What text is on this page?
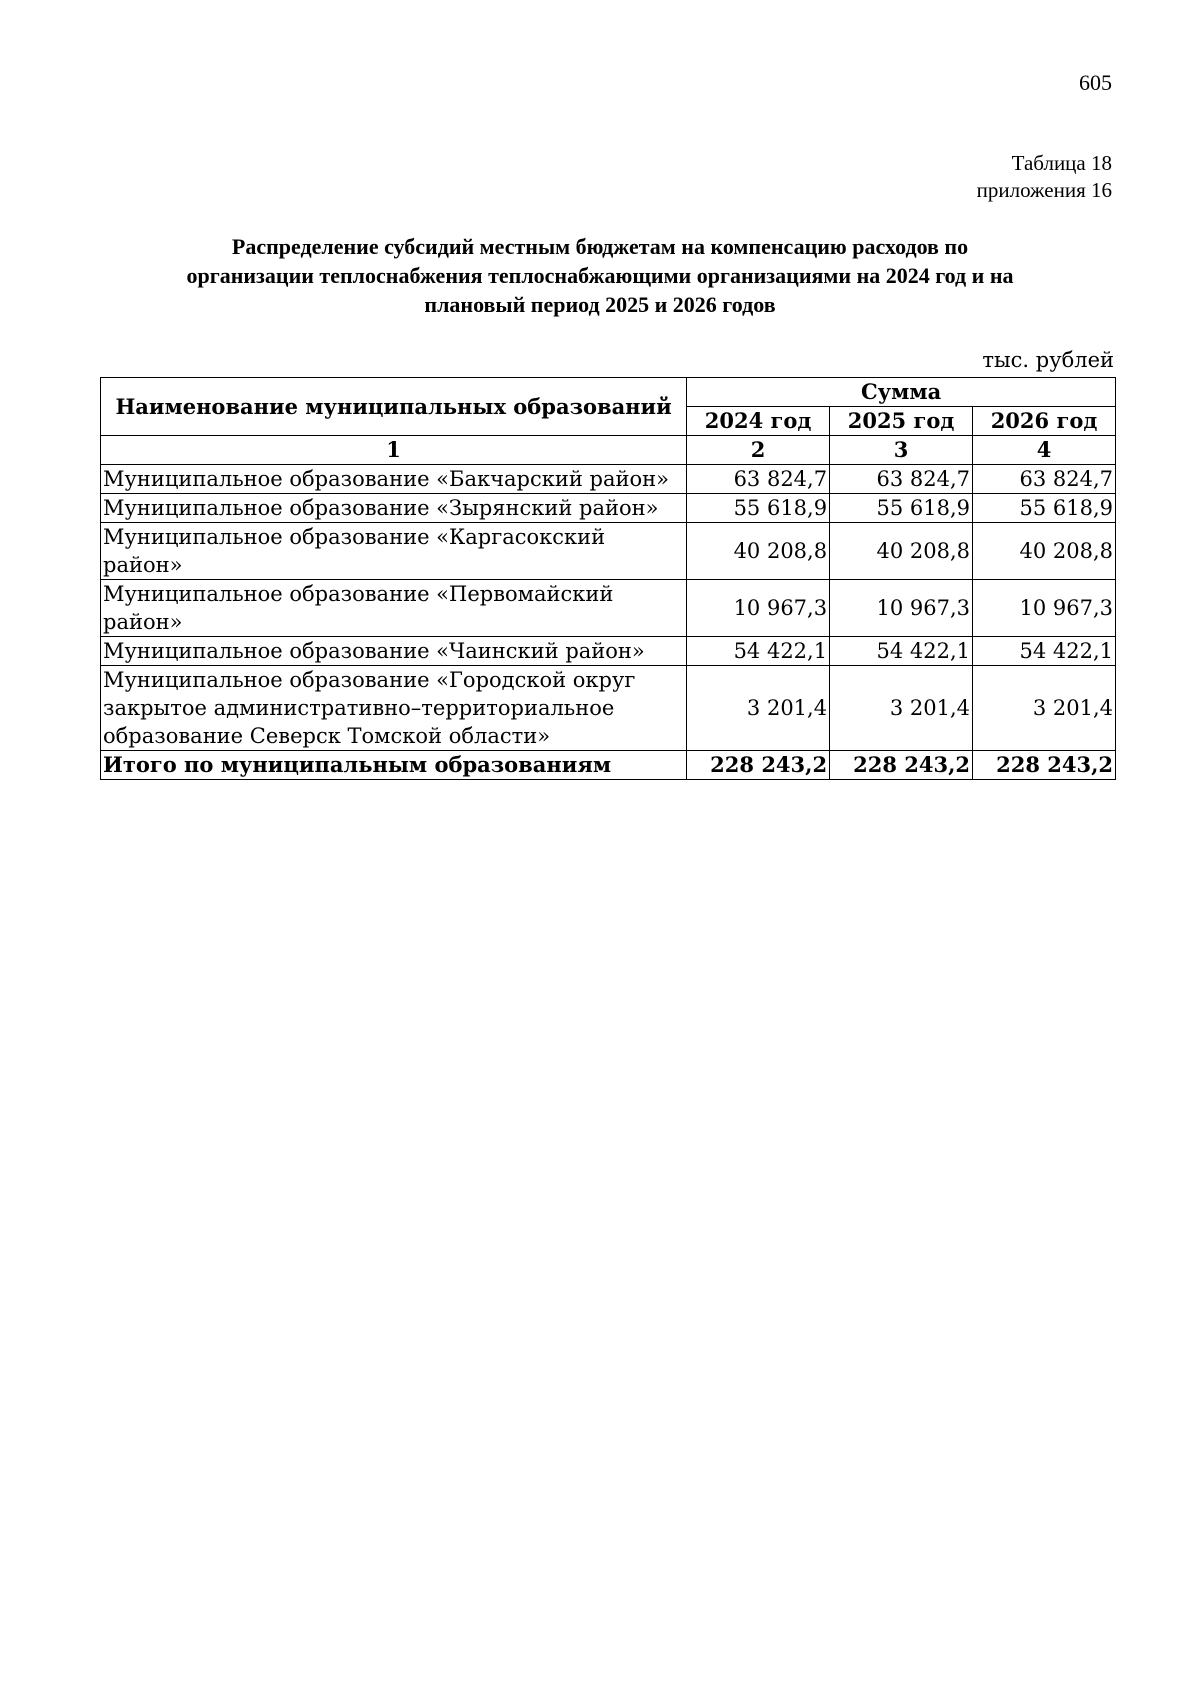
605
Таблица 18
приложения 16
Распределение субсидий местным бюджетам на компенсацию расходов по
организации теплоснабжения теплоснабжающими организациями на 2024 год и на
плановый период 2025 и 2026 годов
тыс. рублей
Наименование муниципальных образований	Сумма		
	2024 год	2025 год	2026 год
1	2	3	4
Муниципальное образование «Бакчарский район»	63 824,7	63 824,7	63 824,7
Муниципальное образование «Зырянский район»	55 618,9	55 618,9	55 618,9
Муниципальное образование «Каргасокский район»	40 208,8	40 208,8	40 208,8
Муниципальное образование «Первомайский район»	10 967,3	10 967,3	10 967,3
Муниципальное образование «Чаинский район»	54 422,1	54 422,1	54 422,1

Муниципальное образование «Городской округ
закрытое административно–территориальное
образование Северск Томской области»	3 201,4	3 201,4	3 201,4
Итого по муниципальным образованиям	228 243,2	228 243,2	228 243,2
